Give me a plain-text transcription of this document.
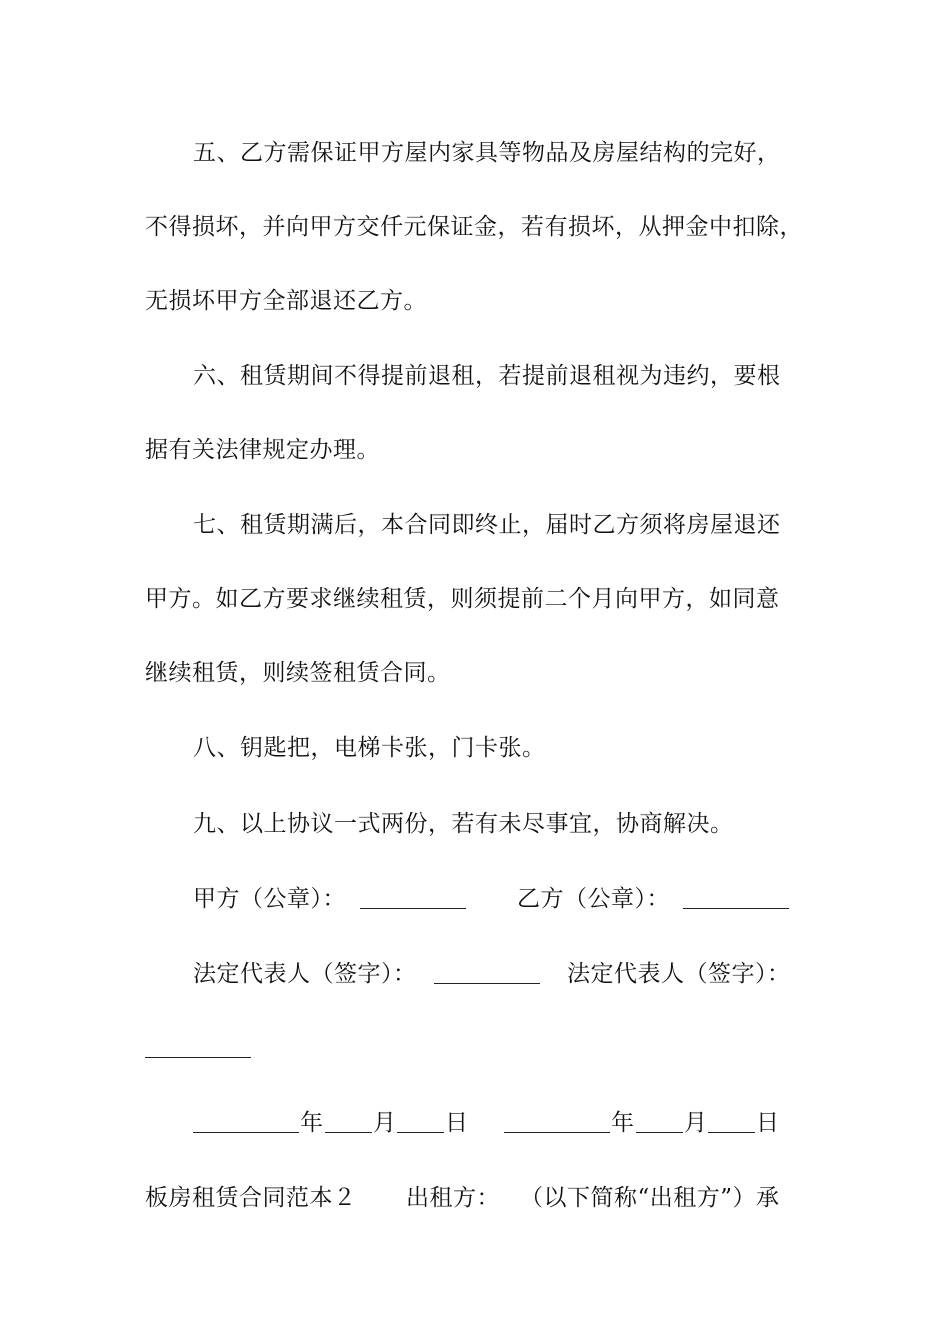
五、乙方需保证甲方屋内家具等物品及房屋结构的完好，
不得损坏，并向甲方交仟元保证金，若有损坏，从押金中扣除，
无损坏甲方全部退还乙方。
六、租赁期间不得提前退租，若提前退租视为违约，要根
据有关法律规定办理。
七、租赁期满后，本合同即终止，届时乙方须将房屋退还
甲方。如乙方要求继续租赁，则须提前二个月向甲方，如同意
继续租赁，则续签租赁合同。
八、钥匙把，电梯卡张，门卡张。
九、以上协议一式两份，若有未尽事宜，协商解决。
甲方（公章）：	乙方（公章）：
法定代表人（签字）：	法定代表人（签字）：
年 月 日	年 月 日
板房租赁合同范本２ 出租方： （以下简称“出租方”）承
